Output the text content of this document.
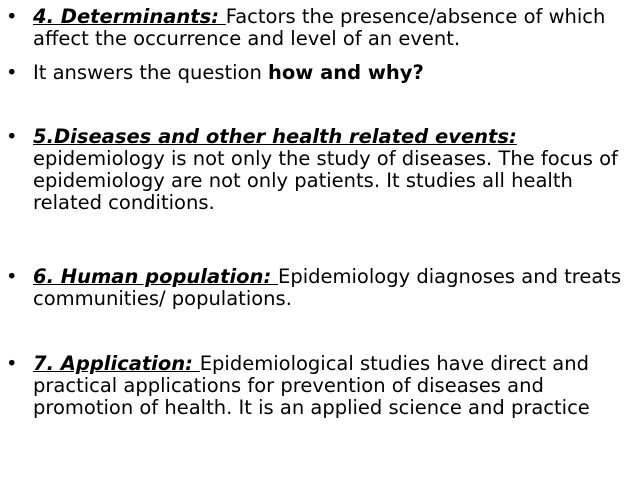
• 4. Determinants: Factors the presence/absence of which affect the occurrence and level of an event.
• It answers the question how and why?
• 5.Diseases and other health related events:
epidemiology is not only the study of diseases. The focus of epidemiology are not only patients. It studies all health related conditions.
• 6. Human population: Epidemiology diagnoses and treats communities/ populations.
• 7. Application: Epidemiological studies have direct and practical applications for prevention of diseases and promotion of health. It is an applied science and practice
